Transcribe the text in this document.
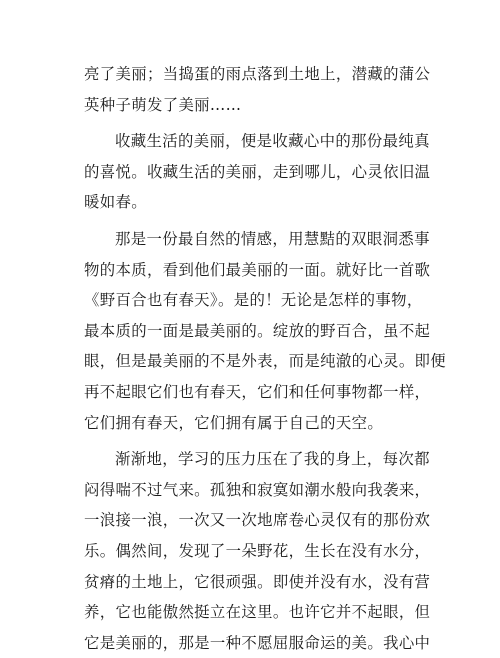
亮了美丽；当捣蛋的雨点落到土地上，潜藏的蒲公
英种子萌发了美丽……
收藏生活的美丽，便是收藏心中的那份最纯真
的喜悦。收藏生活的美丽，走到哪儿，心灵依旧温
暖如春。
那是一份最自然的情感，用慧黠的双眼洞悉事
物的本质，看到他们最美丽的一面。就好比一首歌
《野百合也有春天》。是的！无论是怎样的事物，
最本质的一面是最美丽的。绽放的野百合，虽不起
眼，但是最美丽的不是外表，而是纯澈的心灵。即便
再不起眼它们也有春天，它们和任何事物都一样，
它们拥有春天，它们拥有属于自己的天空。
渐渐地，学习的压力压在了我的身上，每次都
闷得喘不过气来。孤独和寂寞如潮水般向我袭来，
一浪接一浪，一次又一次地席卷心灵仅有的那份欢
乐。偶然间，发现了一朵野花，生长在没有水分，
贫瘠的土地上，它很顽强。即使并没有水，没有营
养，它也能傲然挺立在这里。也许它并不起眼，但
它是美丽的，那是一种不愿屈服命运的美。我心中
